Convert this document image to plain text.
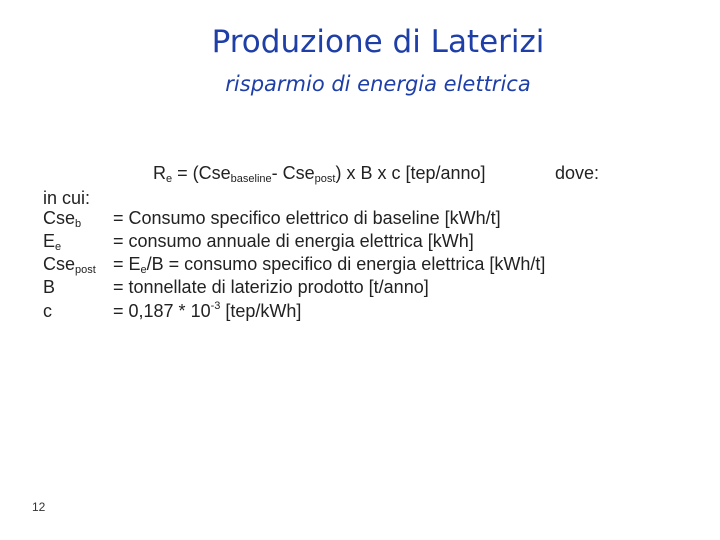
Produzione di Laterizi
risparmio di energia elettrica
$R_e = (Cse_{baseline}-$ Cse$_{post}$) x B x c [tep/anno]	dove:
in cui:
Cse$_b$ = Consumo specifico elettrico di baseline [kWh/t]
$E_e$	= consumo annuale di energia elettrica [kWh]
$Cse_{post} = E_e/B$ = consumo specifico di energia elettrica [kWh/t]
B	= tonnellate di laterizio prodotto [t/anno]
c	= $0,187 * 10^{-3}$ [tep/kWh]
12
